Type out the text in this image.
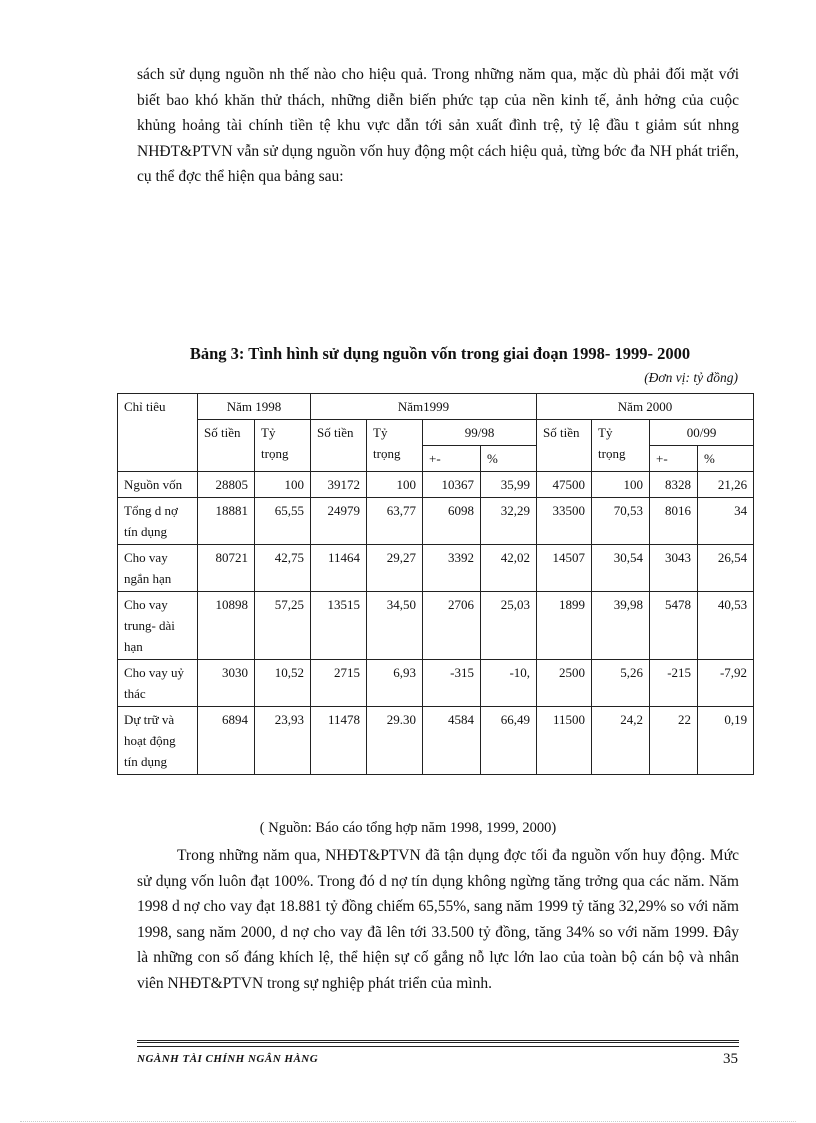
sách sử dụng nguồn nh thế nào cho hiệu quả. Trong những năm qua, mặc dù phải đối mặt với biết bao khó khăn thử thách, những diễn biến phức tạp của nền kinh tế, ảnh hởng của cuộc khủng hoảng tài chính tiền tệ khu vực dẫn tới sản xuất đình trệ, tỷ lệ đầu t giảm sút nhng NHĐT&PTVN vẫn sử dụng nguồn vốn huy động một cách hiệu quả, từng bớc đa NH phát triển, cụ thể đợc thể hiện qua bảng sau:

Bảng 3: Tình hình sử dụng nguồn vốn trong giai đoạn 1998- 1999- 2000

(Đơn vị: tỷ đồng)
Chỉ tiêu	Năm 1998		Năm1999				Năm 2000			
	Số tiền	Tỷ trọng	Số tiền	Tỷ trọng	99/98		Số tiền	Tỷ trọng	00/99	
					+-	%			+-	%
Nguồn vốn	28805	100	39172	100	10367	35,99	47500	100	8328	21,26
Tổng d nợ tín dụng	18881	65,55	24979	63,77	6098	32,29	33500	70,53	8016	34
Cho vay ngắn hạn	80721	42,75	11464	29,27	3392	42,02	14507	30,54	3043	26,54
Cho vay trung- dài hạn	10898	57,25	13515	34,50	2706	25,03	1899	39,98	5478	40,53
Cho vay uỷ thác	3030	10,52	2715	6,93	-315	-10,	2500	5,26	-215	-7,92
Dự trữ và hoạt động tín dụng	6894	23,93	11478	29.30	4584	66,49	11500	24,2	22	0,19
( Nguồn: Báo cáo tổng hợp năm 1998, 1999, 2000)

Trong những năm qua, NHĐT&PTVN đã tận dụng đợc tối đa nguồn vốn huy động. Mức sử dụng vốn luôn đạt 100%. Trong đó d nợ tín dụng không ngừng tăng trởng qua các năm. Năm 1998 d nợ cho vay đạt 18.881 tỷ đồng chiếm 65,55%, sang năm 1999 tỷ tăng 32,29% so với năm 1998, sang năm 2000, d nợ cho vay đã lên tới 33.500 tỷ đồng, tăng 34% so với năm 1999. Đây là những con số đáng khích lệ, thể hiện sự cố gắng nỗ lực lớn lao của toàn bộ cán bộ và nhân viên NHĐT&PTVN trong sự nghiệp phát triển của mình.

NGÀNH TÀI CHÍNH NGÂN HÀNG	35
